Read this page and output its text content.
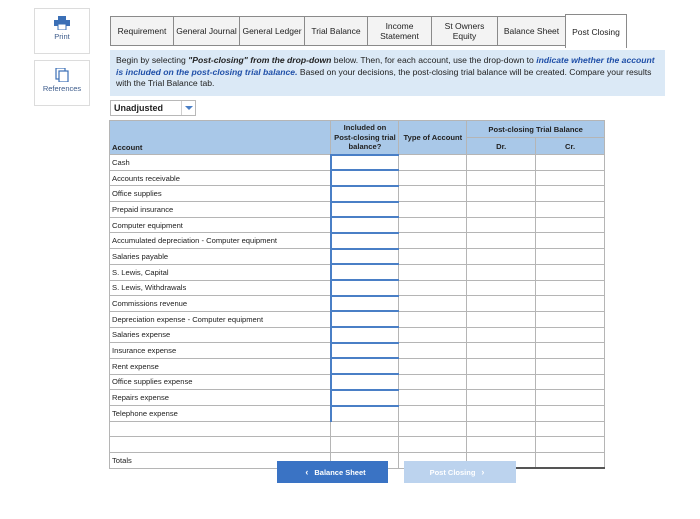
Print
References
Requirement	General Journal General Ledger	Trial Balance	Income Statement
St Owners Equity	Balance Sheet	Post Closing
Begin by selecting "Post-closing" from the drop-down below. Then, for each account, use the drop-down to indicate whether the account is included on the post-closing trial balance. Based on your decisions, the post-closing trial balance will be created. Compare your results with the Trial Balance tab.
Unadjusted
Account	Included on Post-closing trial balance?	Type of Account	Post-closing Trial Balance	
			Dr.	Cr.
Cash				
Accounts receivable				
Office supplies				
Prepaid insurance				
Computer equipment				
Accumulated depreciation - Computer equipment				
Salaries payable				
S. Lewis, Capital				
S. Lewis, Withdrawals				
Commissions revenue				
Depreciation expense - Computer equipment				
Salaries expense				
Insurance expense				
Rent expense				
Office supplies expense				
Repairs expense				
Telephone expense				

Totals				
‹ Balance Sheet	Post Closing ›
